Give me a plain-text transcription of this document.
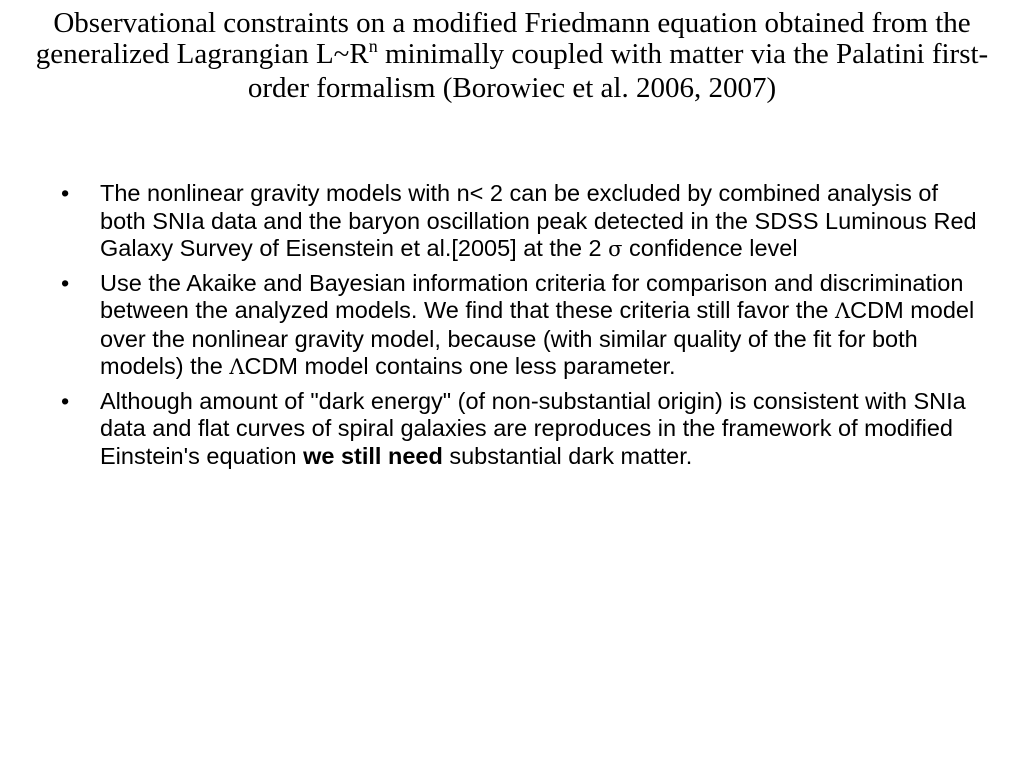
Observational constraints on a modified Friedmann equation obtained from the generalized Lagrangian $L\sim R^n$ minimally coupled with matter via the Palatini first-order formalism (Borowiec et al. 2006, 2007)
• The nonlinear gravity models with n< 2 can be excluded by combined analysis of both SNIa data and the baryon oscillation peak detected in the SDSS Luminous Red Galaxy Survey of Eisenstein et al.[2005] at the 2 σ confidence level
• Use the Akaike and Bayesian information criteria for comparison and discrimination between the analyzed models. We find that these criteria still favor the ΛCDM model over the nonlinear gravity model, because (with similar quality of the fit for both models) the ΛCDM model contains one less parameter.
• Although amount of "dark energy" (of non-substantial origin) is consistent with SNIa data and flat curves of spiral galaxies are reproduces in the framework of modified Einstein's equation we still need substantial dark matter.
